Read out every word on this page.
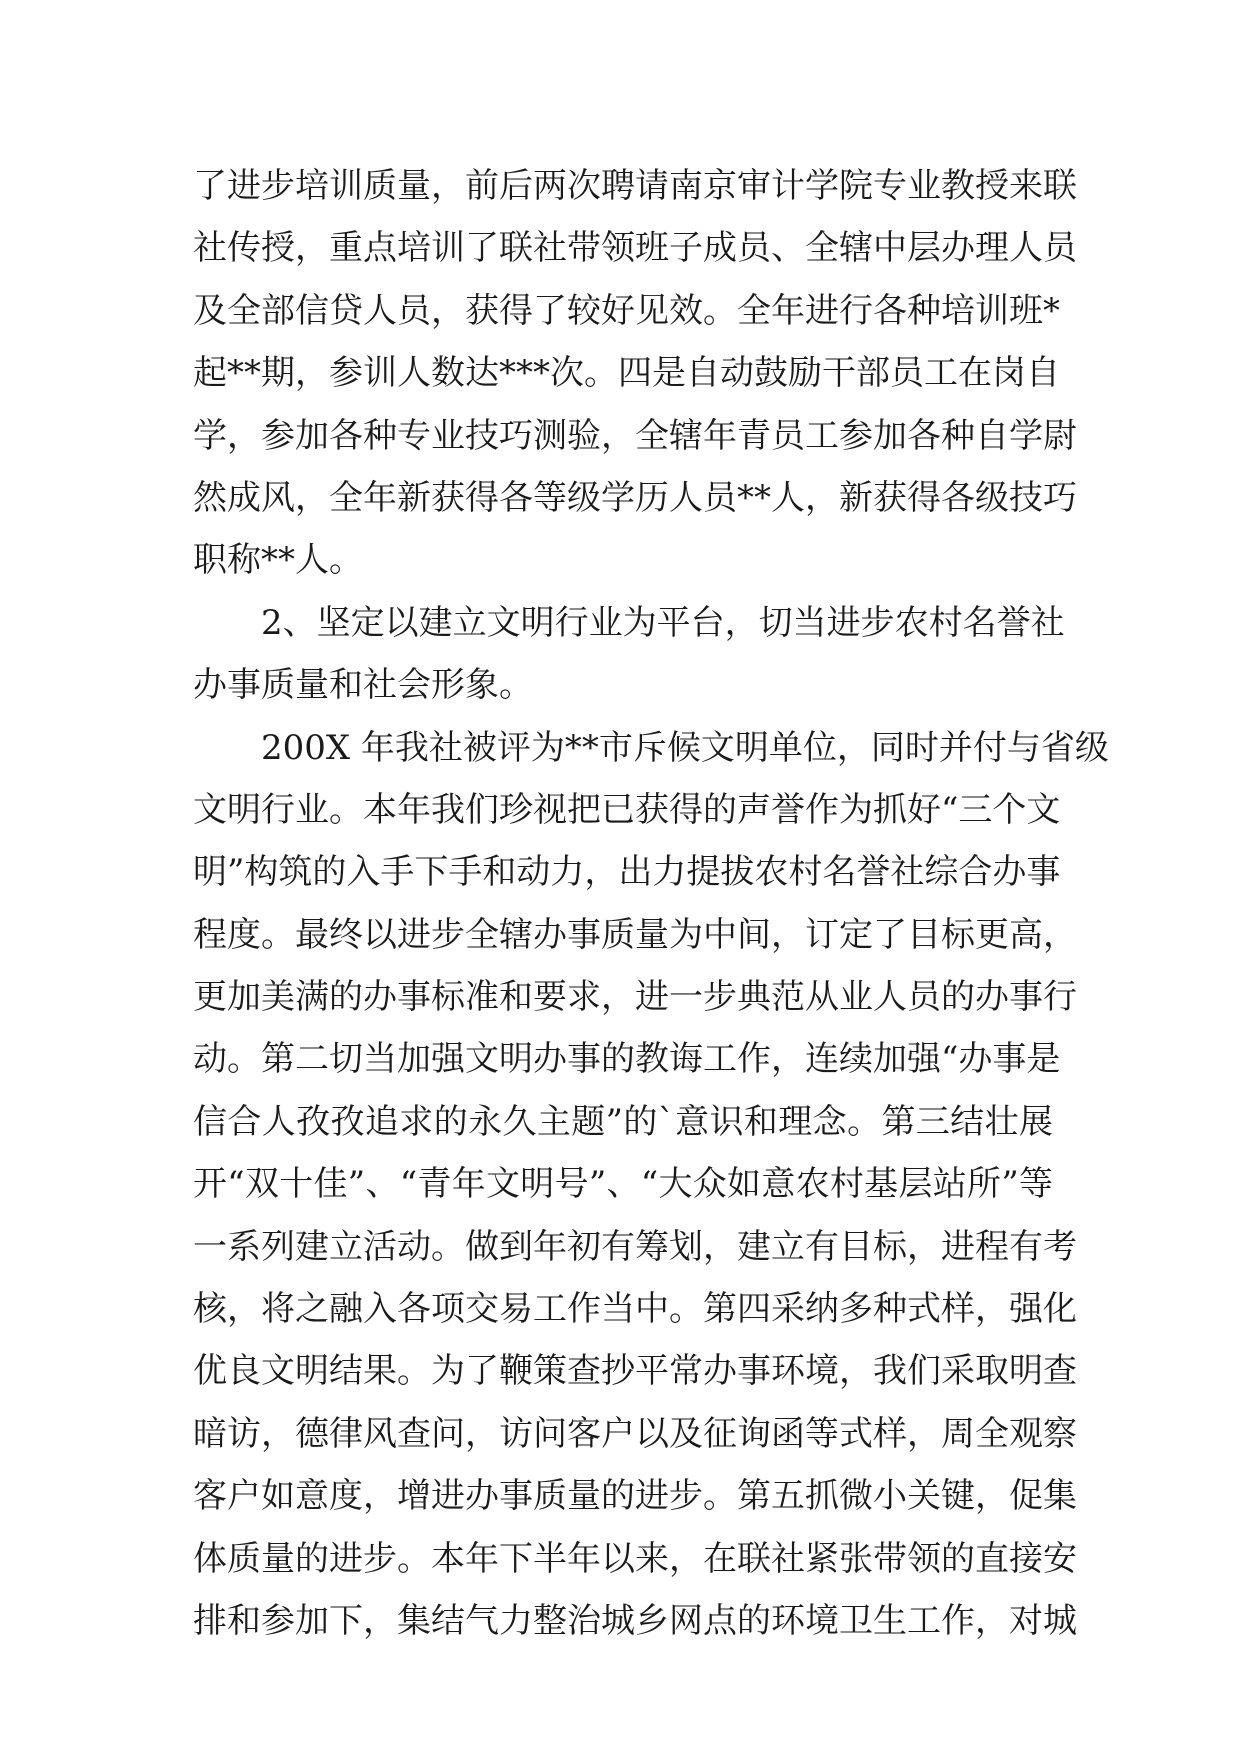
了进步培训质量，前后两次聘请南京审计学院专业教授来联
社传授，重点培训了联社带领班子成员、全辖中层办理人员
及全部信贷人员，获得了较好见效。全年进行各种培训班*
起**期，参训人数达***次。四是自动鼓励干部员工在岗自
学，参加各种专业技巧测验，全辖年青员工参加各种自学尉
然成风，全年新获得各等级学历人员**人，新获得各级技巧
职称**人。
2、坚定以建立文明行业为平台，切当进步农村名誉社
办事质量和社会形象。
200X 年我社被评为**市斥候文明单位，同时并付与省级
文明行业。本年我们珍视把已获得的声誉作为抓好“三个文
明”构筑的入手下手和动力，出力提拔农村名誉社综合办事
程度。最终以进步全辖办事质量为中间，订定了目标更高，
更加美满的办事标准和要求，进一步典范从业人员的办事行
动。第二切当加强文明办事的教诲工作，连续加强“办事是
信合人孜孜追求的永久主题”的`意识和理念。第三结壮展
开“双十佳”、“青年文明号”、“大众如意农村基层站所”等
一系列建立活动。做到年初有筹划，建立有目标，进程有考
核，将之融入各项交易工作当中。第四采纳多种式样，强化
优良文明结果。为了鞭策查抄平常办事环境，我们采取明查
暗访，德律风查问，访问客户以及征询函等式样，周全观察
客户如意度，增进办事质量的进步。第五抓微小关键，促集
体质量的进步。本年下半年以来，在联社紧张带领的直接安
排和参加下，集结气力整治城乡网点的环境卫生工作，对城
